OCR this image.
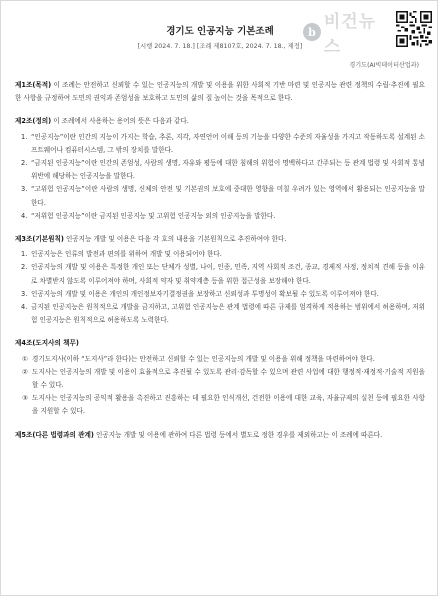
b 비건뉴스
경기도 인공지능 기본조례
[시행 2024. 7. 18.] [조례 제8107호, 2024. 7. 18., 제정]
경기도(AI빅데이터산업과)

제1조(목적) 이 조례는 안전하고 신뢰할 수 있는 인공지능의 개발 및 이용을 위한 사회적 기반 마련 및 인공지능 관련 정책의 수립·추진에 필요한 사항을 규정하여 도민의 권익과 존엄성을 보호하고 도민의 삶의 질 높이는 것을 목적으로 한다.

제2조(정의) 이 조례에서 사용하는 용어의 뜻은 다음과 같다.

1. “인공지능”이란 인간의 지능이 가지는 학습, 추론, 지각, 자연언어 이해 등의 기능을 다양한 수준의 자율성을 가지고 작동하도록 설계된 소프트웨어나 컴퓨터시스템, 그 밖의 장치를 말한다.
2. “금지된 인공지능”이란 인간의 존엄성, 사람의 생명, 자유와 평등에 대한 침해의 위험이 명백하다고 간주되는 등 관계 법령 및 사회적 통념 위반에 해당하는 인공지능을 말한다.
3. “고위험 인공지능”이란 사람의 생명, 신체의 안전 및 기본권의 보호에 중대한 영향을 미칠 우려가 있는 영역에서 활용되는 인공지능을 말한다.
4. “저위험 인공지능”이란 금지된 인공지능 및 고위험 인공지능 외의 인공지능을 말한다.

제3조(기본원칙) 인공지능 개발 및 이용은 다음 각 호의 내용을 기본원칙으로 추진하여야 한다.

1. 인공지능은 인류의 발전과 편의를 위하여 개발 및 이용되어야 한다.
2. 인공지능의 개발 및 이용은 특정한 개인 또는 단체가 성별, 나이, 인종, 민족, 지역 사회적 조건, 종교, 경제적 사정, 정치적 견해 등을 이유로 차별받지 않도록 이루어져야 하며, 사회적 약자 및 취약계층 등을 위한 접근성을 보장해야 한다.
3. 인공지능의 개발 및 이용은 개인의 개인정보자기결정권을 보장하고 신뢰성과 투명성이 확보될 수 있도록 이루어져야 한다.
4. 금지된 인공지능은 원칙적으로 개발을 금지하고, 고위험 인공지능은 관계 법령에 따른 규제를 엄격하게 적용하는 범위에서 허용하며, 저위험 인공지능은 원칙적으로 허용하도록 노력한다.

제4조(도지사의 책무)

① 경기도지사(이하 “도지사”라 한다)는 안전하고 신뢰할 수 있는 인공지능의 개발 및 이용을 위해 정책을 마련하여야 한다.
② 도지사는 인공지능의 개발 및 이용이 효율적으로 추진될 수 있도록 관리·감독할 수 있으며 관련 사업에 대한 행정적·재정적·기술적 지원을 할 수 있다.
③ 도지사는 인공지능의 공익적 활용을 촉진하고 진흥하는 데 필요한 인식개선, 건전한 이용에 대한 교육, 자율규제의 실천 등에 필요한 사항을 지원할 수 있다.

제5조(다른 법령과의 관계) 인공지능 개발 및 이용에 관하여 다른 법령 등에서 별도로 정한 경우를 제외하고는 이 조례에 따른다.
